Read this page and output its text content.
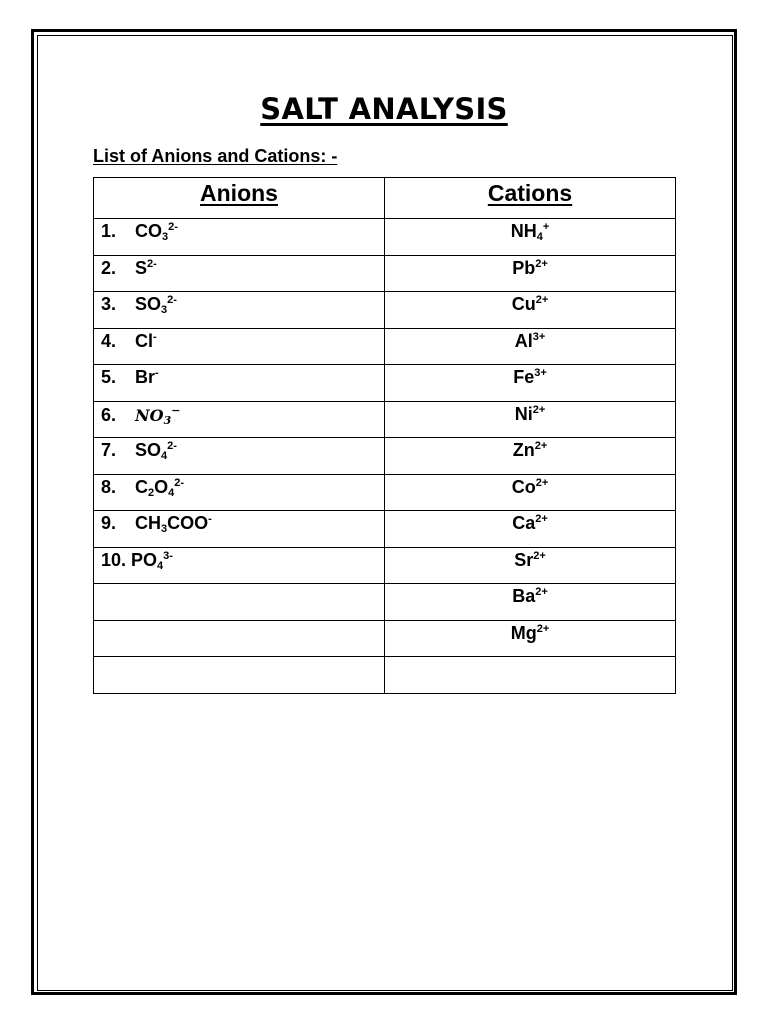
SALT ANALYSIS
List of Anions and Cations: -
Anions	Cations
1. $CO_3^{2-}$	$NH_4^+$
2. $S^{2-}$	$Pb^{2+}$
3. $SO_3^{2-}$	$Cu^{2+}$
4. Cl-	$Al^{3+}$
5. Br-	$Fe^{3+}$
6. $NO_3^-$	$Ni^{2+}$
7. $SO_4^{2-}$	$Zn^{2+}$
8. $C_2O_4^{2-}$	$Co^{2+}$
9. $CH_3COO^-$	$Ca^{2+}$
10. $PO_4^{3-}$	$Sr^{2+}$
	$Ba^{2+}$
	$Mg^{2+}$
